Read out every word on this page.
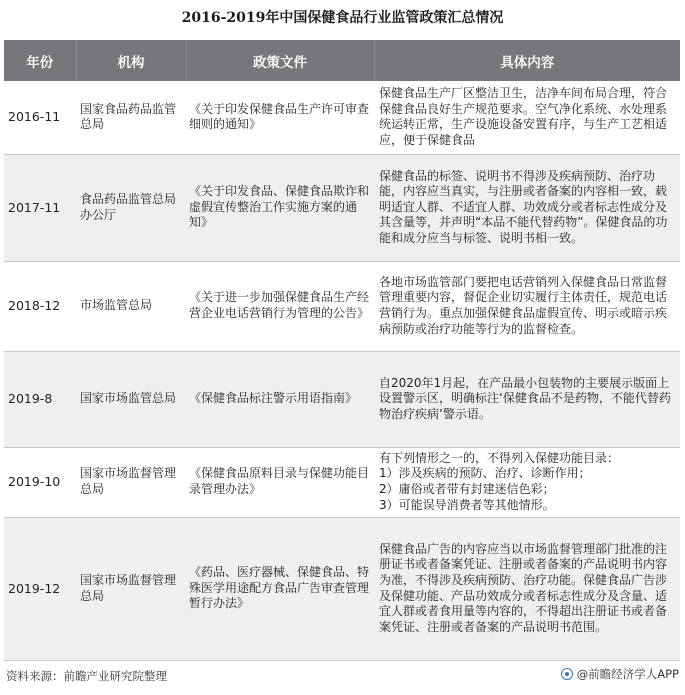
2016-2019年中国保健食品行业监管政策汇总情况
年份	机构	政策文件	具体内容
2016-11	国家食品药品监管总局	《关于印发保健食品生产许可审查细则的通知》	保健食品生产厂区整洁卫生，洁净车间布局合理，符合保健食品良好生产规范要求。空气净化系统、水处理系统运转正常，生产设施设备安置有序，与生产工艺相适应，便于保健食品
2017-11	食品药品监管总局办公厅	《关于印发食品、保健食品欺诈和虚假宣传整治工作实施方案的通知》	保健食品的标签、说明书不得涉及疾病预防、治疗功能，内容应当真实，与注册或者备案的内容相一致，载明适宜人群、不适宜人群、功效成分或者标志性成分及其含量等，并声明“本品不能代替药物”。保健食品的功能和成分应当与标签、说明书相一致。
2018-12	市场监管总局	《关于进一步加强保健食品生产经营企业电话营销行为管理的公告》	各地市场监管部门要把电话营销列入保健食品日常监督管理重要内容，督促企业切实履行主体责任，规范电话营销行为。重点加强保健食品虚假宣传、明示或暗示疾病预防或治疗功能等行为的监督检查。
2019-8	国家市场监管总局	《保健食品标注警示用语指南》	自2020年1月起，在产品最小包装物的主要展示版面上设置警示区，明确标注‘保健食品不是药物，不能代替药物治疗疾病’警示语。
2019-10	国家市场监督管理总局	《保健食品原料目录与保健功能目录管理办法》	有下列情形之一的，不得列入保健功能目录：
1）涉及疾病的预防、治疗、诊断作用；
2）庸俗或者带有封建迷信色彩；
3）可能误导消费者等其他情形。

2019-12	国家市场监督管理总局	《药品、医疗器械、保健食品、特殊医学用途配方食品广告审查管理暂行办法》	保健食品广告的内容应当以市场监督管理部门批准的注册证书或者备案凭证、注册或者备案的产品说明书内容为准，不得涉及疾病预防、治疗功能。保健食品广告涉及保健功能、产品功效成分或者标志性成分及含量、适宜人群或者食用量等内容的，不得超出注册证书或者备案凭证、注册或者备案的产品说明书范围。
资料来源：前瞻产业研究院整理	@前瞻经济学人APP
